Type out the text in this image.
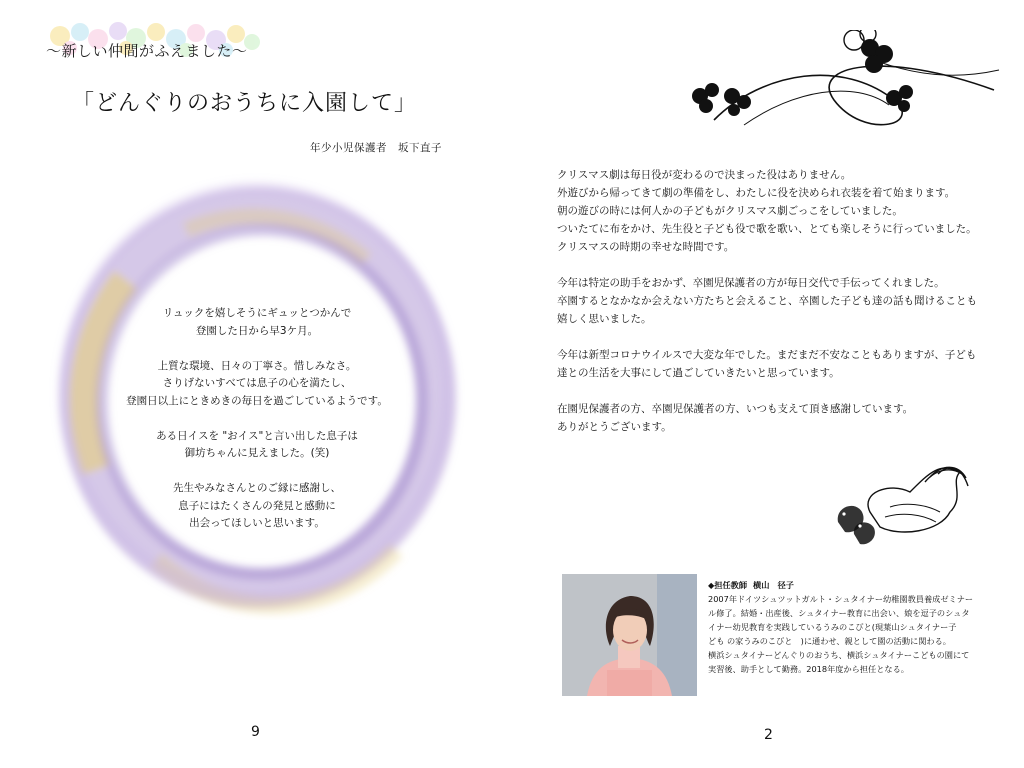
～新しい仲間がふえました～
「どんぐりのおうちに入園して」
年少小児保護者　坂下直子

リュックを嬉しそうにギュッとつかんで
登園した日から早3ケ月。

上質な環境、日々の丁寧さ。惜しみなさ。
さりげないすべては息子の心を満たし、
登園日以上にときめきの毎日を過ごしているようです。

ある日イスを "おイス"と言い出した息子は
御坊ちゃんに見えました。(笑)

先生やみなさんとのご縁に感謝し、
息子にはたくさんの発見と感動に
出会ってほしいと思います。

9

クリスマス劇は毎日役が変わるので決まった役はありません。
外遊びから帰ってきて劇の準備をし、わたしに役を決められ衣装を着て始まります。
朝の遊びの時には何人かの子どもがクリスマス劇ごっこをしていました。
ついたてに布をかけ、先生役と子ども役で歌を歌い、とても楽しそうに行っていました。
クリスマスの時期の幸せな時間です。

今年は特定の助手をおかず、卒園児保護者の方が毎日交代で手伝ってくれました。
卒園するとなかなか会えない方たちと会えること、卒園した子ども達の話も聞けることも
嬉しく思いました。

今年は新型コロナウイルスで大変な年でした。まだまだ不安なこともありますが、子ども
達との生活を大事にして過ごしていきたいと思っています。

在園児保護者の方、卒園児保護者の方、いつも支えて頂き感謝しています。
ありがとうございます。

◆担任教師 横山　径子
2007年ドイツシュツットガルト・シュタイナー幼稚園教員養成ゼミナー
ル修了。結婚・出産後、シュタイナー教育に出会い、娘を逗子のシュタ
イナー幼児教育を実践しているうみのこびと(現葉山シュタイナー子
ども の家うみのこびと　)に通わせ、親として園の活動に関わる。
横浜シュタイナーどんぐりのおうち、横浜シュタイナーこどもの園にて
実習後、助手として勤務。2018年度から担任となる。
2
